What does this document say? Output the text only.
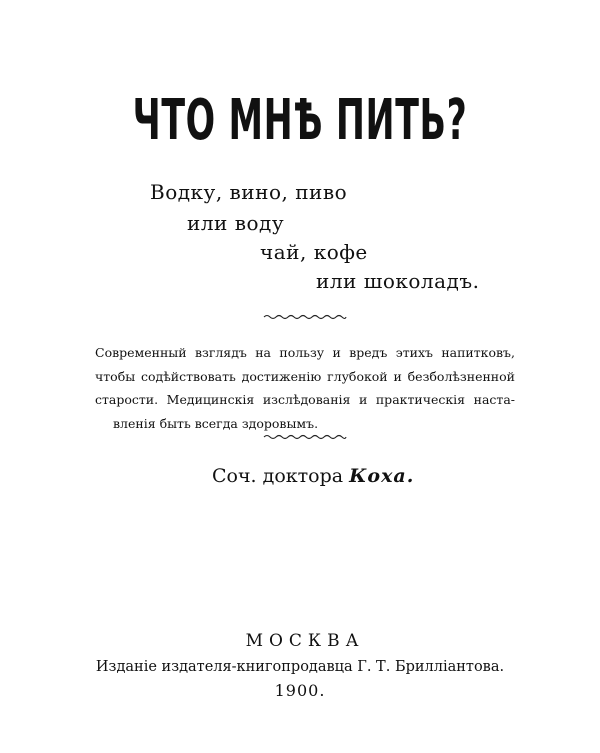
ЧТО МНѢ ПИТЬ?
Водку, вино, пиво
или воду
чай, кофе
или шоколадъ.
Современный взглядъ на пользу и вредъ этихъ напитковъ,
чтобы содѣйствовать достиженію глубокой и безболѣзненной
старости. Медицинскія изслѣдованія и практическія наста-
вленія быть всегда здоровымъ.
Соч. доктора Коха.
МОСКВА
Изданіе издателя-книгопродавца Г. Т. Бриллiантова.
1900.
